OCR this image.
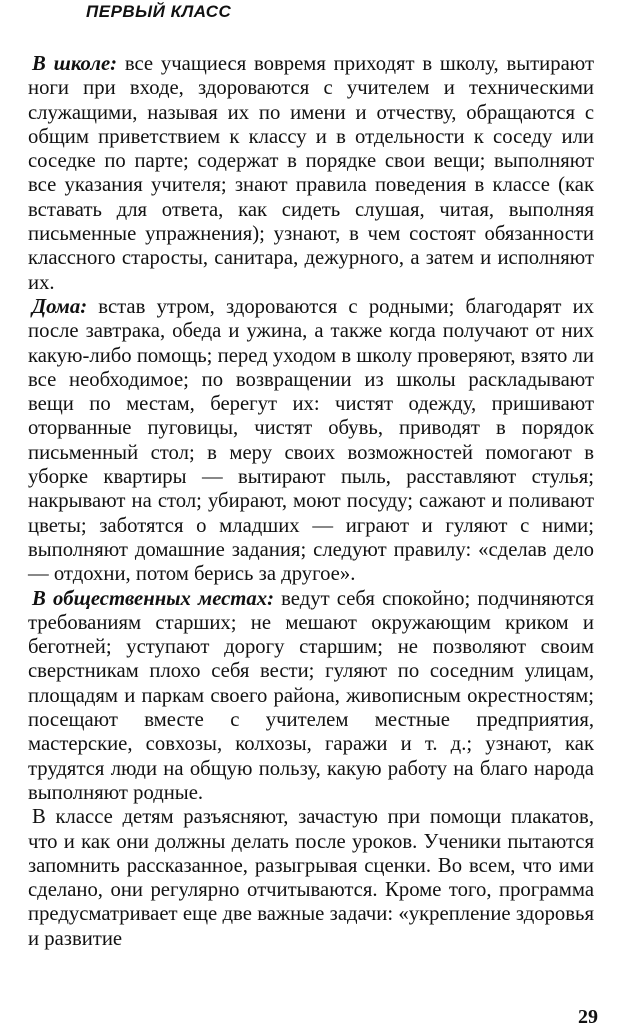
ПЕРВЫЙ КЛАСС

В школе: все учащиеся вовремя приходят в школу, вытирают ноги при входе, здороваются с учителем и техническими служащими, называя их по имени и отчеству, обращаются с общим приветствием к классу и в отдельности к соседу или соседке по парте; содержат в порядке свои вещи; выполняют все указания учителя; знают правила поведения в классе (как вставать для ответа, как сидеть слушая, читая, выполняя письменные упражнения); узнают, в чем состоят обязанности классного старосты, санитара, дежурного, а затем и исполняют их.

Дома: встав утром, здороваются с родными; благодарят их после завтрака, обеда и ужина, а также когда получают от них какую-либо помощь; перед уходом в школу проверяют, взято ли все необходимое; по возвращении из школы раскладывают вещи по местам, берегут их: чистят одежду, пришивают оторванные пуговицы, чистят обувь, приводят в порядок письменный стол; в меру своих возможностей помогают в уборке квартиры — вытирают пыль, расставляют стулья; накрывают на стол; убирают, моют посуду; сажают и поливают цветы; заботятся о младших — играют и гуляют с ними; выполняют домашние задания; следуют правилу: «сделав дело — отдохни, потом берись за другое».

В общественных местах: ведут себя спокойно; подчиняются требованиям старших; не мешают окружающим криком и беготней; уступают дорогу старшим; не позволяют своим сверстникам плохо себя вести; гуляют по соседним улицам, площадям и паркам своего района, живописным окрестностям; посещают вместе с учителем местные предприятия, мастерские, совхозы, колхозы, гаражи и т. д.; узнают, как трудятся люди на общую пользу, какую работу на благо народа выполняют родные.

В классе детям разъясняют, зачастую при помощи плакатов, что и как они должны делать после уроков. Ученики пытаются запомнить рассказанное, разыгрывая сценки. Во всем, что ими сделано, они регулярно отчитываются. Кроме того, программа предусматривает еще две важные задачи: «укрепление здоровья и развитие

29
